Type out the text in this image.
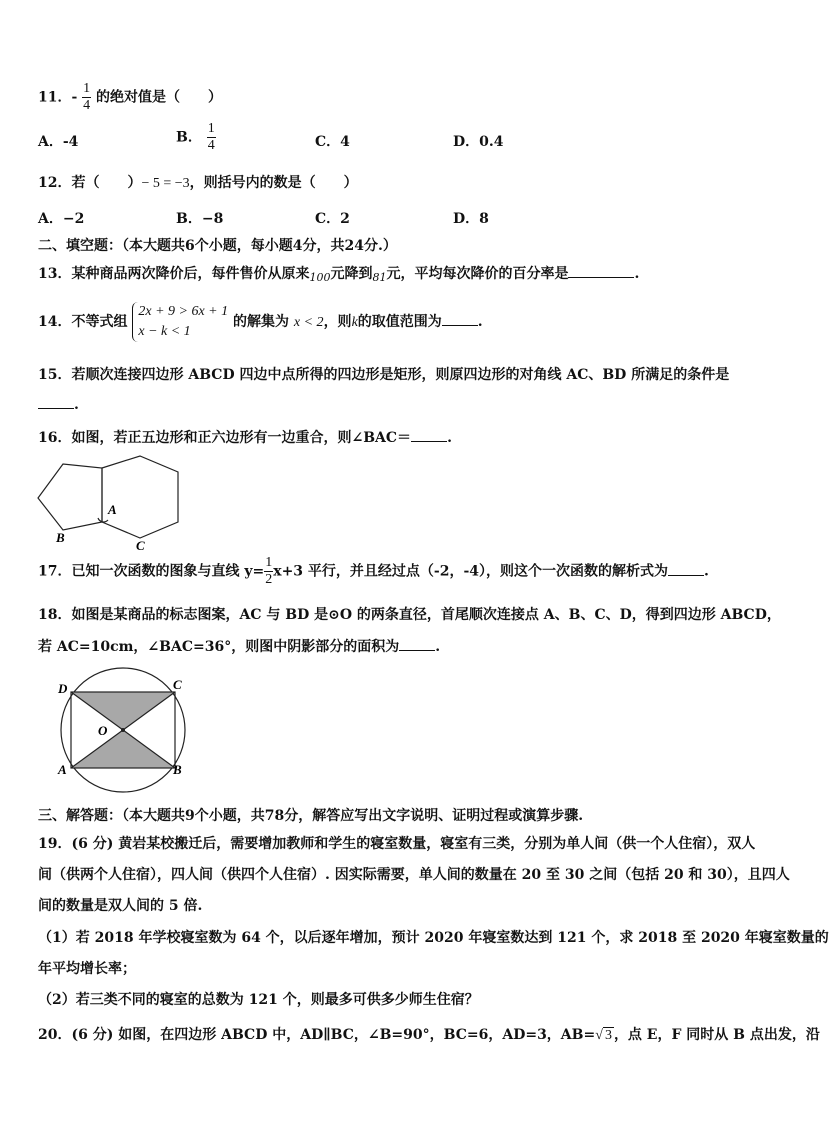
11．- $\frac{1}{4}$ 的绝对值是（　　）
A．-4	B． $\frac{1}{4}$	C．4	D．0.4
12．若（　　）− 5 = −3，则括号内的数是（　　）
A．−2	B．−8	C．2	D．8
二、填空题：（本大题共6个小题，每小题4分，共24分.）
13．某种商品两次降价后，每件售价从原来$_{100}$元降到$_{81}$元，平均每次降价的百分率是	.
14．不等式组
2x + 9 > 6x + 1
x − k < 1
的解集为 x < 2，则k的取值范围为	.
15．若顺次连接四边形 ABCD 四边中点所得的四边形是矩形，则原四边形的对角线 AC、BD 所满足的条件是
.
16．如图，若正五边形和正六边形有一边重合，则∠BAC＝	.
A
B
C
17．已知一次函数的图象与直线 $y= \frac{1}{2} x+3$ 平行，并且经过点（-2，-4），则这个一次函数的解析式为	.
18．如图是某商品的标志图案，AC 与 BD 是⊙O 的两条直径，首尾顺次连接点 A、B、C、D，得到四边形 ABCD，
若 AC=10cm，∠BAC=36°，则图中阴影部分的面积为	.
D	C
O
A	B
三、解答题：（本大题共9个小题，共78分，解答应写出文字说明、证明过程或演算步骤.
19．(6 分) 黄岩某校搬迁后，需要增加教师和学生的寝室数量，寝室有三类，分别为单人间（供一个人住宿），双人
间（供两个人住宿），四人间（供四个人住宿）. 因实际需要，单人间的数量在 20 至 30 之间（包括 20 和 30），且四人
间的数量是双人间的 5 倍.
（1）若 2018 年学校寝室数为 64 个，以后逐年增加，预计 2020 年寝室数达到 121 个，求 2018 至 2020 年寝室数量的
年平均增长率；
（2）若三类不同的寝室的总数为 121 个，则最多可供多少师生住宿？
20．(6 分) 如图，在四边形 ABCD 中，AD∥BC，∠B=90°，BC=6，AD=3，AB=√ 3 ，点 E，F 同时从 B 点出发，沿
